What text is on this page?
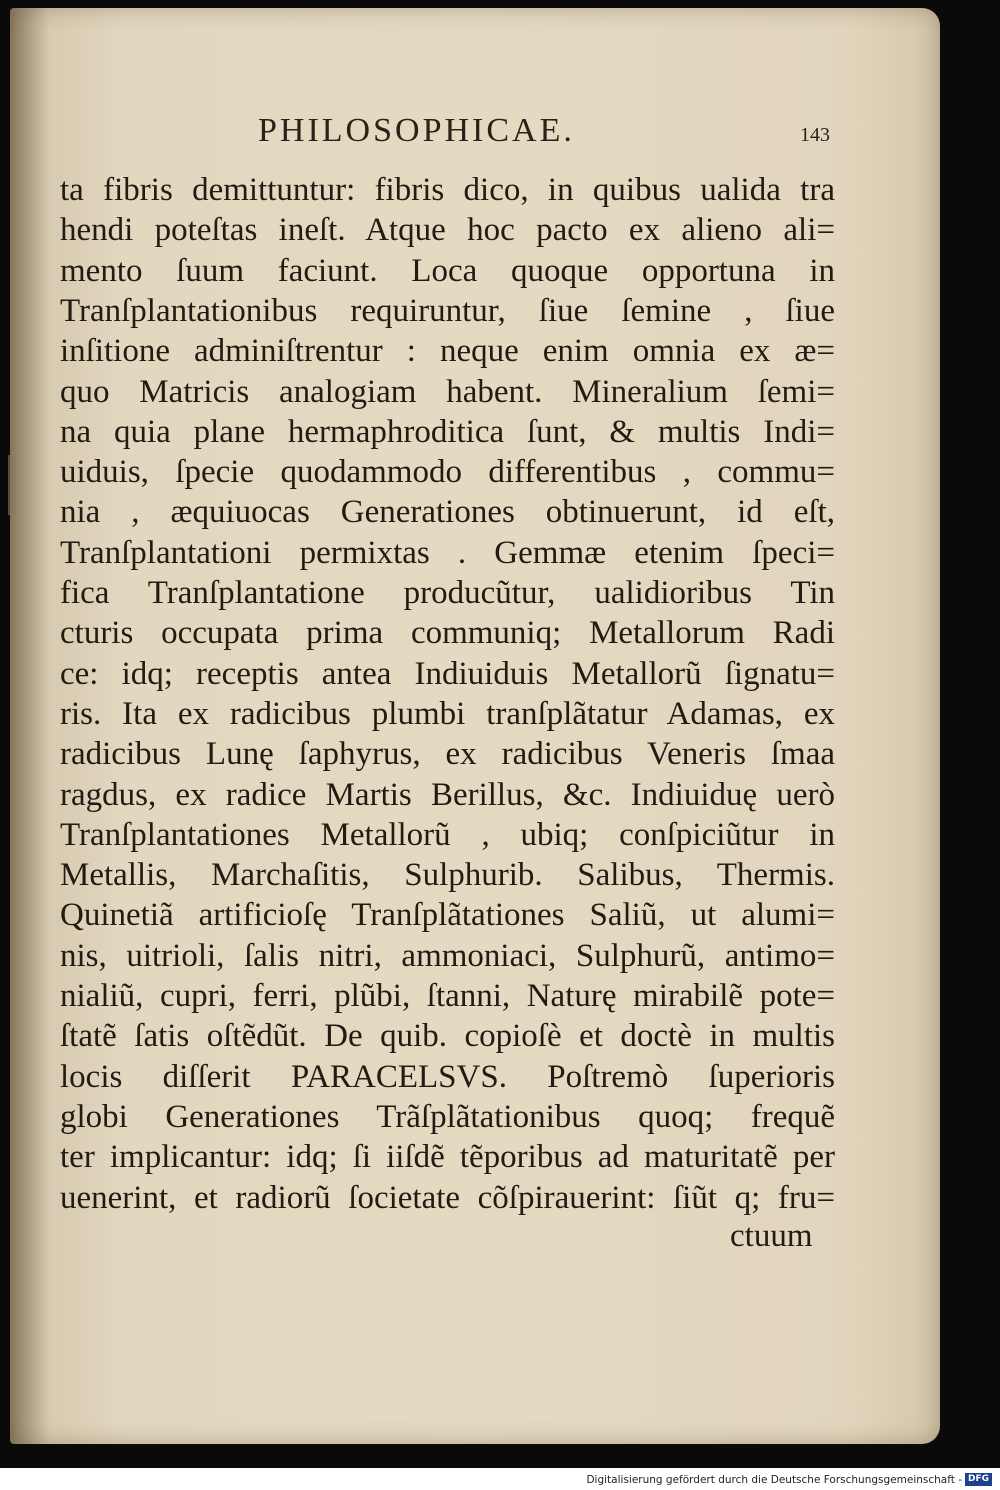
PHILOSOPHICAE.	143
ta fibris demittuntur: fibris dico, in quibus ualida tra
hendi poteſtas ineſt. Atque hoc pacto ex alieno ali=
mento ſuum faciunt. Loca quoque opportuna in
Tranſplantationibus requiruntur, ſiue ſemine , ſiue
inſitione adminiſtrentur : neque enim omnia ex æ=
quo Matricis analogiam habent. Mineralium ſemi=
na quia plane hermaphroditica ſunt, & multis Indi=
uiduis, ſpecie quodammodo differentibus , commu=
nia , æquiuocas Generationes obtinuerunt, id eſt,
Tranſplantationi permixtas . Gemmæ etenim ſpeci=
fica Tranſplantatione producũtur, ualidioribus Tin
cturis occupata prima communiq; Metallorum Radi
ce: idq; receptis antea Indiuiduis Metallorũ ſignatu=
ris. Ita ex radicibus plumbi tranſplãtatur Adamas, ex
radicibus Lunę ſaphyrus, ex radicibus Veneris ſmaa
ragdus, ex radice Martis Berillus, &c. Indiuiduę uerò
Tranſplantationes Metallorũ , ubiq; conſpiciũtur in
Metallis, Marchaſitis, Sulphurib. Salibus, Thermis.
Quinetiã artificioſę Tranſplãtationes Saliũ, ut alumi=
nis, uitrioli, ſalis nitri, ammoniaci, Sulphurũ, antimo=
nialiũ, cupri, ferri, plũbi, ſtanni, Naturę mirabilẽ pote=
ſtatẽ ſatis oſtẽdũt. De quib. copioſè et doctè in multis
locis diſſerit PARACELSVS. Poſtremò ſuperioris
globi Generationes Trãſplãtationibus quoq; frequẽ
ter implicantur: idq; ſi iiſdẽ tẽporibus ad maturitatẽ per
uenerint, et radiorũ ſocietate cõſpirauerint: ſiũt q; fru=
ctuum
Digitalisierung gefördert durch die Deutsche Forschungsgemeinschaft - DFG
